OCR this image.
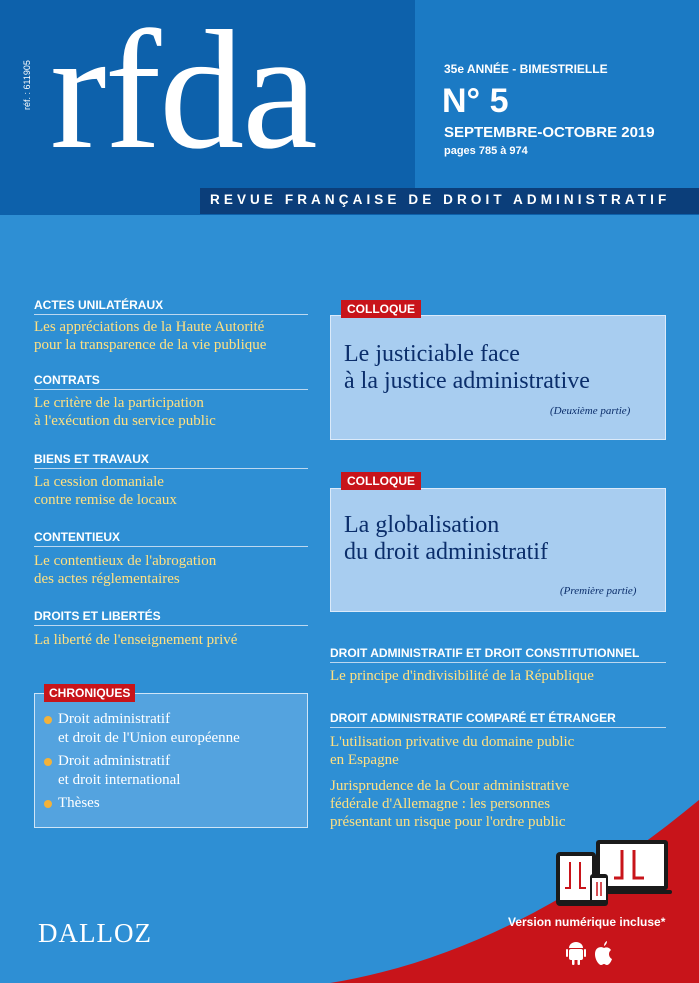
réf. : 611905 rfda	35e ANNÉE - BIMESTRIELLE
N° 5
SEPTEMBRE-OCTOBRE 2019
pages 785 à 974
REVUE FRANÇAISE DE DROIT ADMINISTRATIF
ACTES UNILATÉRAUX
Les appréciations de la Haute Autorité
pour la transparence de la vie publique
CONTRATS
Le critère de la participation
à l'exécution du service public
BIENS ET TRAVAUX
La cession domaniale
contre remise de locaux
CONTENTIEUX
Le contentieux de l'abrogation
des actes réglementaires
DROITS ET LIBERTÉS
La liberté de l'enseignement privé
CHRONIQUES
Droit administratif
et droit de l'Union européenne
Droit administratif
et droit international
Thèses
COLLOQUE
Le justiciable face
à la justice administrative
(Deuxième partie)
COLLOQUE
La globalisation
du droit administratif
(Première partie)
DROIT ADMINISTRATIF ET DROIT CONSTITUTIONNEL
Le principe d'indivisibilité de la République
DROIT ADMINISTRATIF COMPARÉ ET ÉTRANGER
L'utilisation privative du domaine public
en Espagne
Jurisprudence de la Cour administrative
fédérale d'Allemagne : les personnes
présentant un risque pour l'ordre public
Version numérique incluse*
DALLOZ
